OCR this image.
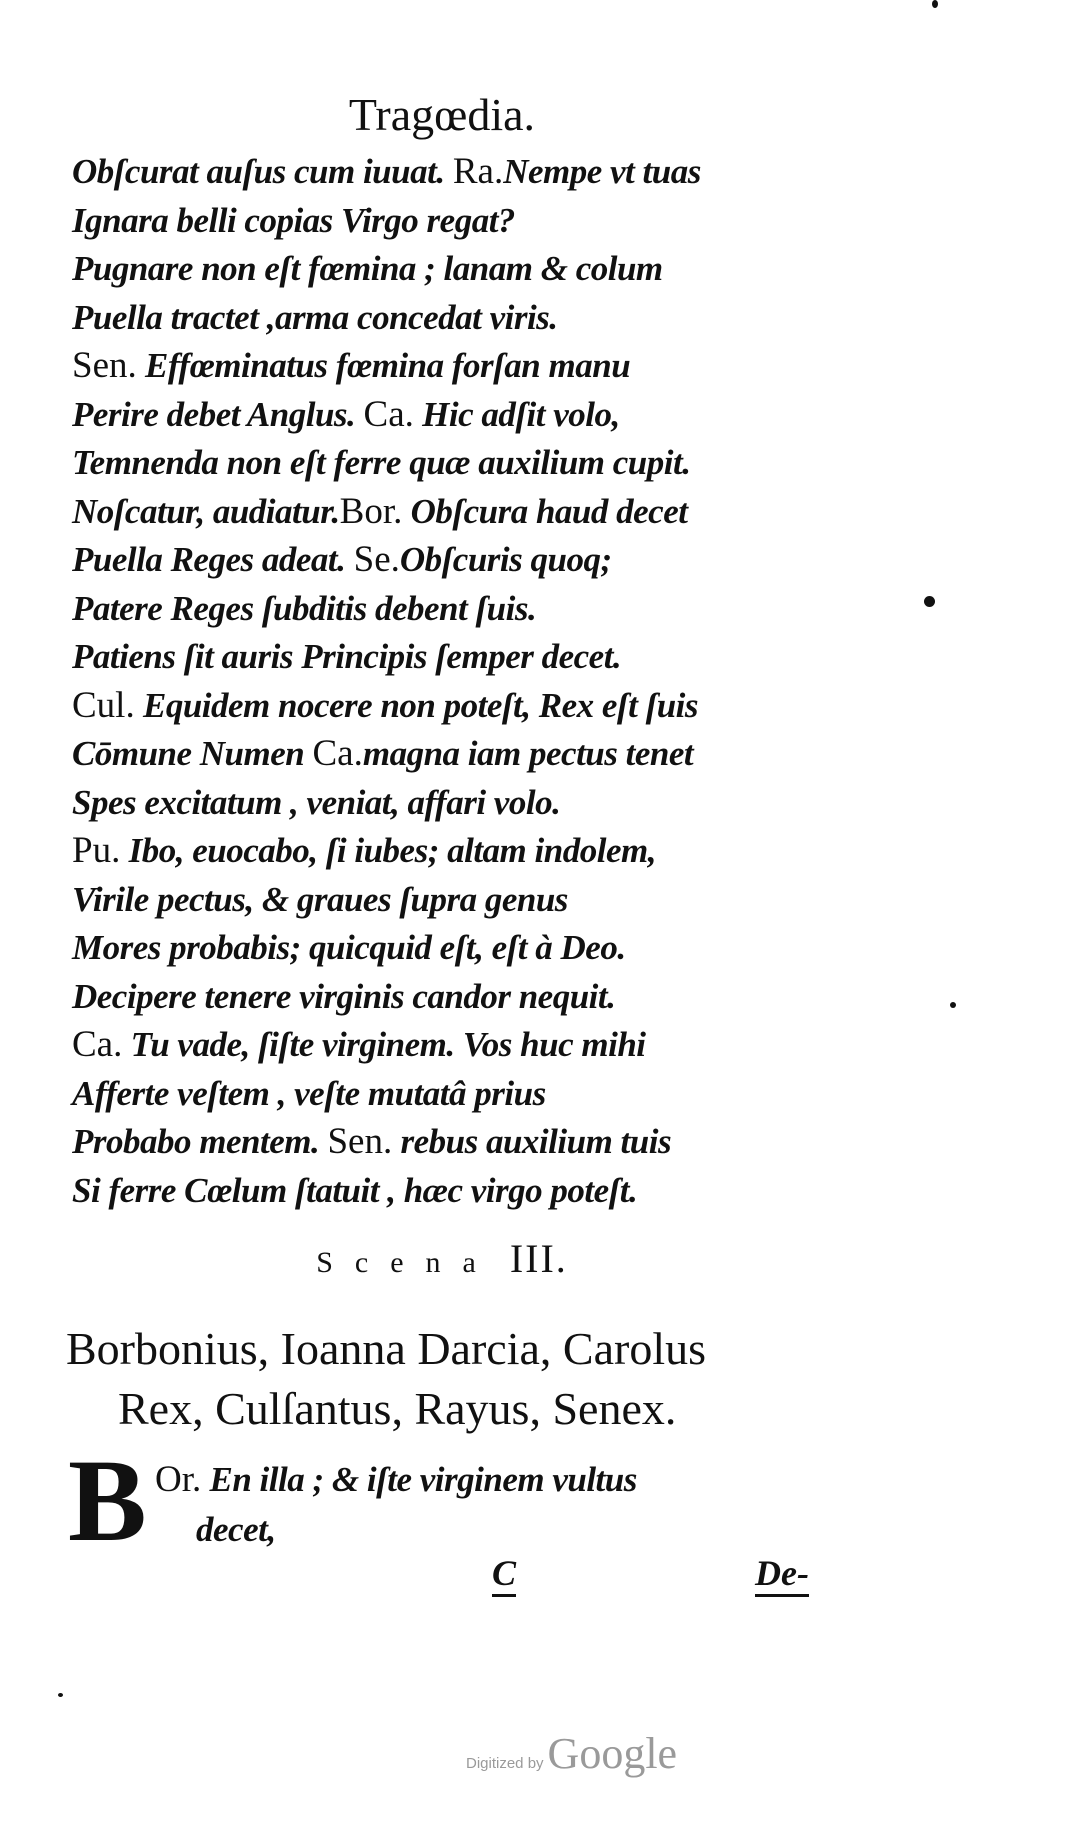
Tragœdia.
Obſcurat auſus cum iuuat. Ra.Nempe vt tuas
Ignara belli copias Virgo regat?
Pugnare non eſt fœmina ; lanam & colum
Puella tractet ,arma concedat viris.
Sen. Effœminatus fœmina forſan manu
Perire debet Anglus. Ca. Hic adſit volo,
Temnenda non eſt ferre quæ auxilium cupit.
Noſcatur, audiatur.Bor. Obſcura haud decet
Puella Reges adeat. Se.Obſcuris quoq;
Patere Reges ſubditis debent ſuis.
Patiens ſit auris Principis ſemper decet.
Cul. Equidem nocere non poteſt, Rex eſt ſuis
Cōmune Numen Ca.magna iam pectus tenet
Spes excitatum , veniat, affari volo.
Pu. Ibo, euocabo, ſi iubes; altam indolem,
Virile pectus, & graues ſupra genus
Mores probabis; quicquid eſt, eſt à Deo.
Decipere tenere virginis candor nequit.
Ca. Tu vade, ſiſte virginem. Vos huc mihi
Afferte veſtem , veſte mutatâ prius
Probabo mentem. Sen. rebus auxilium tuis
Si ferre Cœlum ſtatuit , hæc virgo poteſt.
Scena III.
Borbonius, Ioanna Darcia, Carolus
Rex, Culſantus, Rayus, Senex.
B Or. En illa ; & iſte virginem vultus
decet,
C	De-
Digitized by Google
